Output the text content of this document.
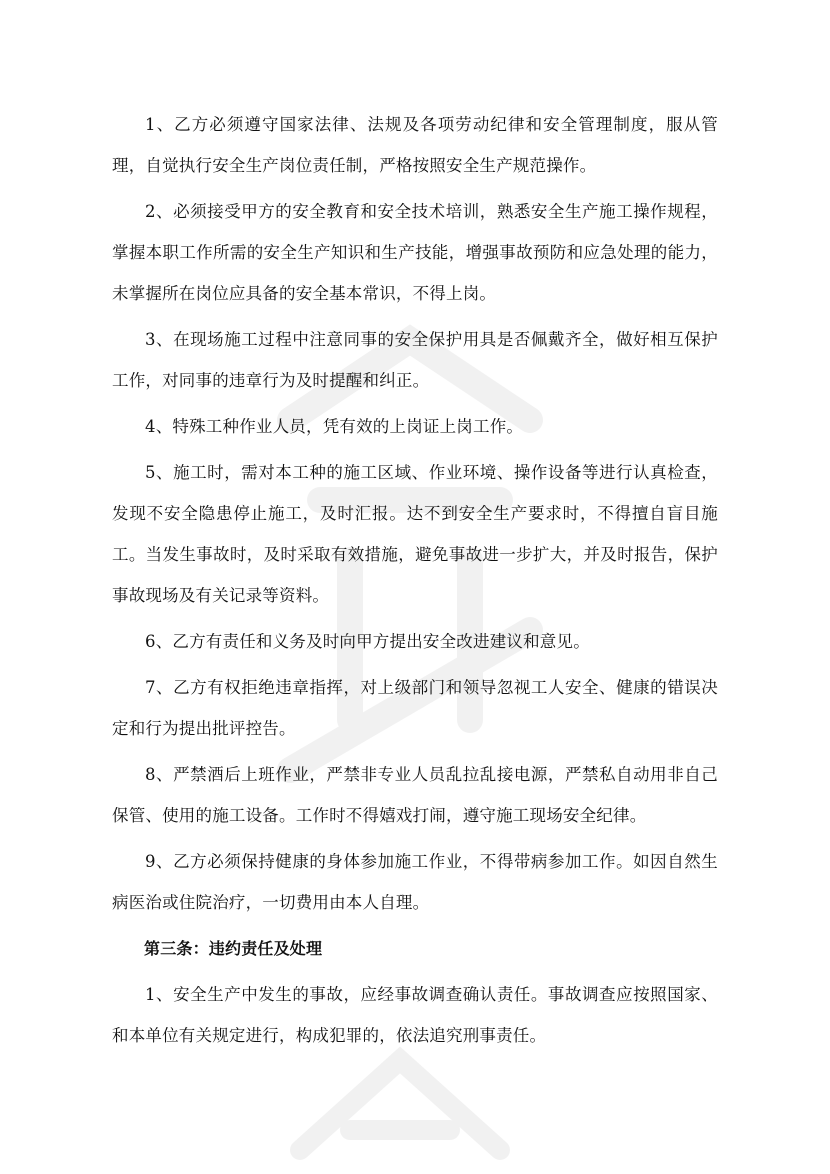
1、乙方必须遵守国家法律、法规及各项劳动纪律和安全管理制度，服从管理，自觉执行安全生产岗位责任制，严格按照安全生产规范操作。

2、必须接受甲方的安全教育和安全技术培训，熟悉安全生产施工操作规程，掌握本职工作所需的安全生产知识和生产技能，增强事故预防和应急处理的能力，未掌握所在岗位应具备的安全基本常识，不得上岗。

3、在现场施工过程中注意同事的安全保护用具是否佩戴齐全，做好相互保护工作，对同事的违章行为及时提醒和纠正。

4、特殊工种作业人员，凭有效的上岗证上岗工作。

5、施工时，需对本工种的施工区域、作业环境、操作设备等进行认真检查，发现不安全隐患停止施工，及时汇报。达不到安全生产要求时，不得擅自盲目施工。当发生事故时，及时采取有效措施，避免事故进一步扩大，并及时报告，保护事故现场及有关记录等资料。

6、乙方有责任和义务及时向甲方提出安全改进建议和意见。

7、乙方有权拒绝违章指挥，对上级部门和领导忽视工人安全、健康的错误决定和行为提出批评控告。

8、严禁酒后上班作业，严禁非专业人员乱拉乱接电源，严禁私自动用非自己保管、使用的施工设备。工作时不得嬉戏打闹，遵守施工现场安全纪律。

9、乙方必须保持健康的身体参加施工作业，不得带病参加工作。如因自然生病医治或住院治疗，一切费用由本人自理。

第三条：违约责任及处理

1、安全生产中发生的事故，应经事故调查确认责任。事故调查应按照国家、和本单位有关规定进行，构成犯罪的，依法追究刑事责任。
